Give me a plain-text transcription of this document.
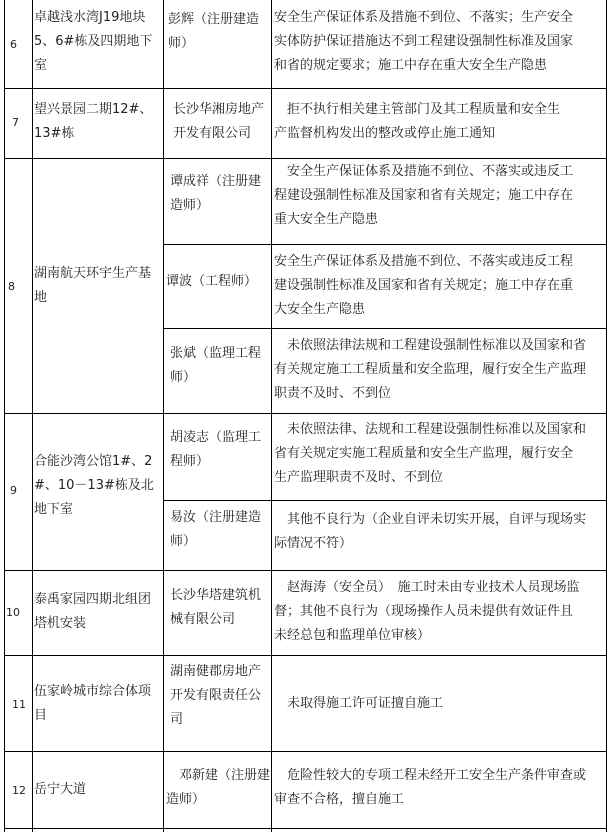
6
卓越浅水湾J19地块
5、6#栋及四期地下
室
彭辉（注册建造
师）
安全生产保证体系及措施不到位、不落实；生产安全
实体防护保证措施达不到工程建设强制性标准及国家
和省的规定要求；施工中存在重大安全生产隐患
7
望兴景园二期12#、
13#栋
长沙华湘房地产
开发有限公司
　拒不执行相关建主管部门及其工程质量和安全生
产监督机构发出的整改或停止施工通知
8
湖南航天环宇生产基
地
谭成祥（注册建
造师）
　安全生产保证体系及措施不到位、不落实或违反工
程建设强制性标准及国家和省有关规定；施工中存在
重大安全生产隐患
谭波（工程师）
安全生产保证体系及措施不到位、不落实或违反工程
建设强制性标准及国家和省有关规定；施工中存在重
大安全生产隐患
张斌（监理工程
师）
　未依照法律法规和工程建设强制性标准以及国家和省
有关规定施工工程质量和安全监理，履行安全生产监理
职责不及时、不到位
9
合能沙湾公馆1#、2
#、10－13#栋及北
地下室
胡凌志（监理工
程师）
　未依照法律、法规和工程建设强制性标准以及国家和
省有关规定实施工程质量和安全生产监理，履行安全
生产监理职责不及时、不到位
易汝（注册建造
师）
　其他不良行为（企业自评未切实开展，自评与现场实
际情况不符）
10
泰禹家园四期北组团
塔机安装
长沙华塔建筑机
械有限公司
　赵海涛（安全员）　施工时未由专业技术人员现场监
督；其他不良行为（现场操作人员未提供有效证件且
未经总包和监理单位审核）
11
伍家岭城市综合体项
目
湖南健郡房地产
开发有限责任公
司
　未取得施工许可证擅自施工
12 岳宁大道
　邓新建（注册建
造师）
　危险性较大的专项工程未经开工安全生产条件审查或
审查不合格，擅自施工
